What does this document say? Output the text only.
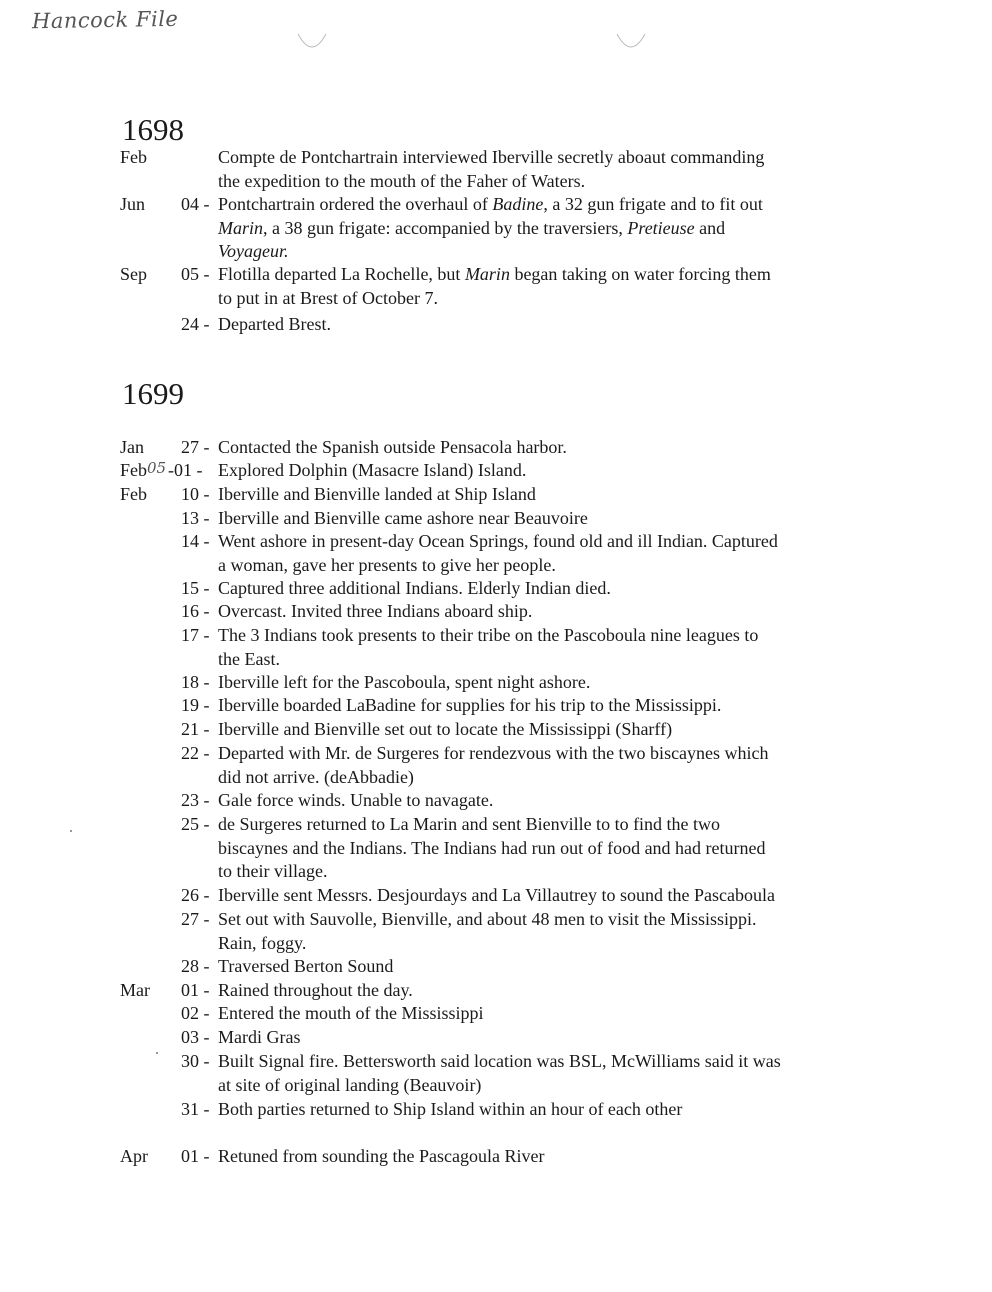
Hancock File
1698
Feb	Compte de Pontchartrain interviewed Iberville secretly aboaut commanding
the expedition to the mouth of the Faher of Waters.
Jun 04 - Pontchartrain ordered the overhaul of Badine, a 32 gun frigate and to fit out
Marin, a 38 gun frigate: accompanied by the traversiers, Pretieuse and
Voyageur.
Sep 05 - Flotilla departed La Rochelle, but Marin began taking on water forcing them
to put in at Brest of October 7.
24 - Departed Brest.
1699
Jan 27 - Contacted the Spanish outside Pensacola harbor.
Feb -01 - Explored Dolphin (Masacre Island) Island.
Feb 10 - Iberville and Bienville landed at Ship Island
13 - Iberville and Bienville came ashore near Beauvoire
14 - Went ashore in present-day Ocean Springs, found old and ill Indian. Captured
a woman, gave her presents to give her people.
15 - Captured three additional Indians. Elderly Indian died.
16 - Overcast. Invited three Indians aboard ship.
17 - The 3 Indians took presents to their tribe on the Pascoboula nine leagues to
the East.
18 - Iberville left for the Pascoboula, spent night ashore.
19 - Iberville boarded LaBadine for supplies for his trip to the Mississippi.
21 - Iberville and Bienville set out to locate the Mississippi (Sharff)
22 - Departed with Mr. de Surgeres for rendezvous with the two biscaynes which
did not arrive. (deAbbadie)
23 - Gale force winds. Unable to navagate.
25 - de Surgeres returned to La Marin and sent Bienville to to find the two
biscaynes and the Indians. The Indians had run out of food and had returned
to their village.
26 - Iberville sent Messrs. Desjourdays and La Villautrey to sound the Pascaboula
27 - Set out with Sauvolle, Bienville, and about 48 men to visit the Mississippi.
Rain, foggy.
28 - Traversed Berton Sound
Mar 01 - Rained throughout the day.
02 - Entered the mouth of the Mississippi
03 - Mardi Gras
30 - Built Signal fire. Bettersworth said location was BSL, McWilliams said it was
at site of original landing (Beauvoir)
31 - Both parties returned to Ship Island within an hour of each other
Apr 01 - Retuned from sounding the Pascagoula River
05
